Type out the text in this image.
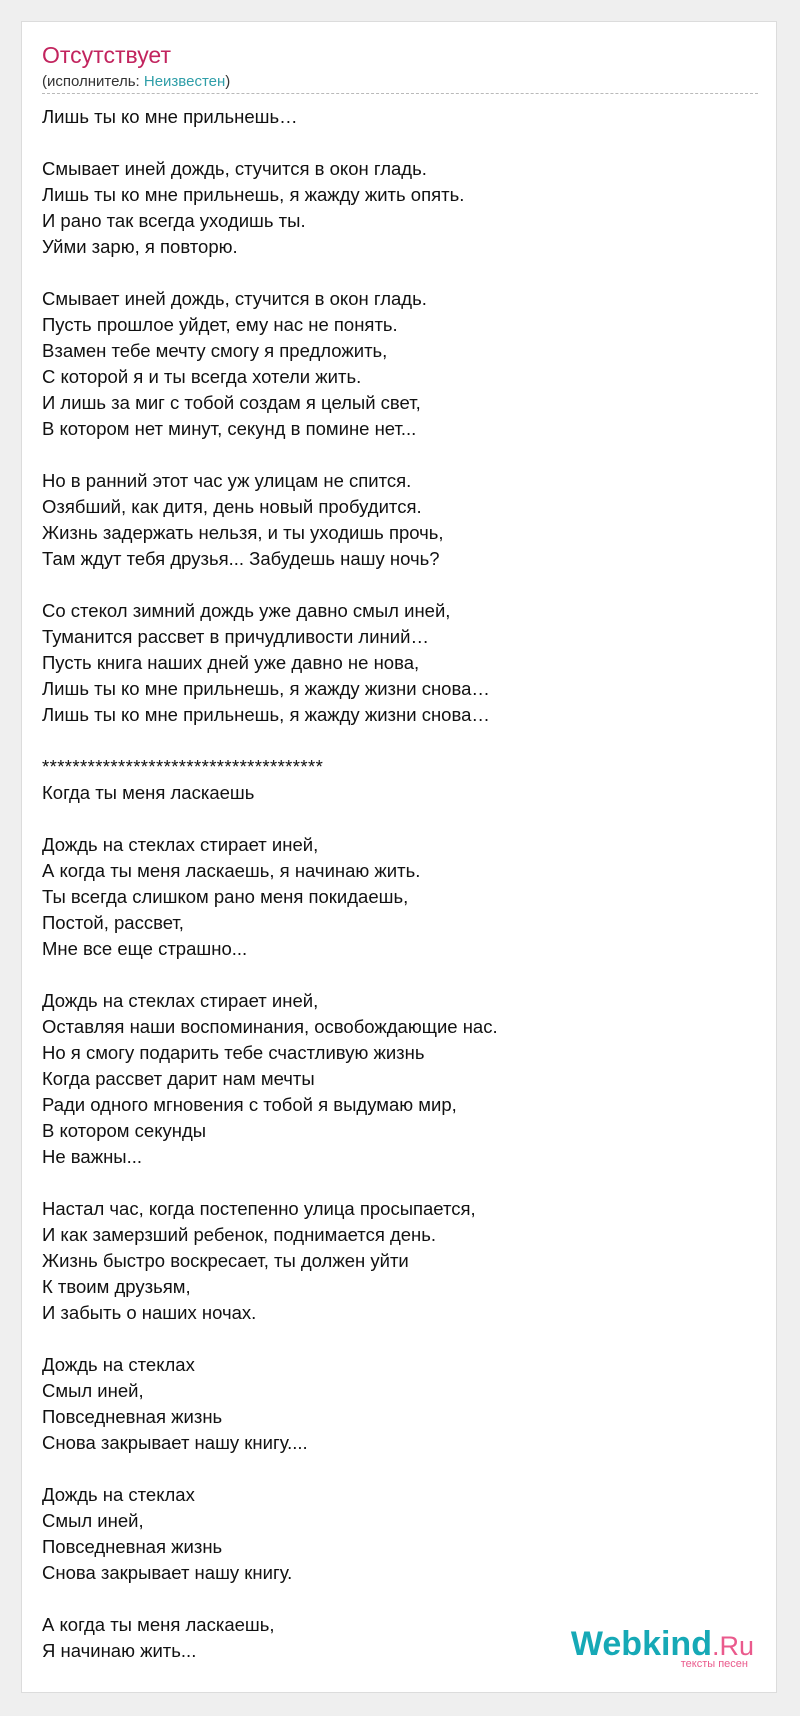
Отсутствует
(исполнитель: Неизвестен)
Лишь ты ко мне прильнешь…
Смывает иней дождь, стучится в окон гладь.
Лишь ты ко мне прильнешь, я жажду жить опять.
И рано так всегда уходишь ты.
Уйми зарю, я повторю.
Смывает иней дождь, стучится в окон гладь.
Пусть прошлое уйдет, ему нас не понять.
Взамен тебе мечту смогу я предложить,
С которой я и ты всегда хотели жить.
И лишь за миг с тобой создам я целый свет,
В котором нет минут, секунд в помине нет...
Но в ранний этот час уж улицам не спится.
Озябший, как дитя, день новый пробудится.
Жизнь задержать нельзя, и ты уходишь прочь,
Там ждут тебя друзья... Забудешь нашу ночь?
Со стекол зимний дождь уже давно смыл иней,
Туманится рассвет в причудливости линий…
Пусть книга наших дней уже давно не нова,
Лишь ты ко мне прильнешь, я жажду жизни снова…
Лишь ты ко мне прильнешь, я жажду жизни снова…
*************************************
Когда ты меня ласкаешь
Дождь на стеклах стирает иней,
А когда ты меня ласкаешь, я начинаю жить.
Ты всегда слишком рано меня покидаешь,
Постой, рассвет,
Мне все еще страшно...
Дождь на стеклах стирает иней,
Оставляя наши воспоминания, освобождающие нас.
Но я смогу подарить тебе счастливую жизнь
Когда рассвет дарит нам мечты
Ради одного мгновения с тобой я выдумаю мир,
В котором секунды
Не важны...
Настал час, когда постепенно улица просыпается,
И как замерзший ребенок, поднимается день.
Жизнь быстро воскресает, ты должен уйти
К твоим друзьям,
И забыть о наших ночах.
Дождь на стеклах
Смыл иней,
Повседневная жизнь
Снова закрывает нашу книгу....
Дождь на стеклах
Смыл иней,
Повседневная жизнь
Снова закрывает нашу книгу.
А когда ты меня ласкаешь,
Я начинаю жить...	Webkind.Ru
тексты песен
